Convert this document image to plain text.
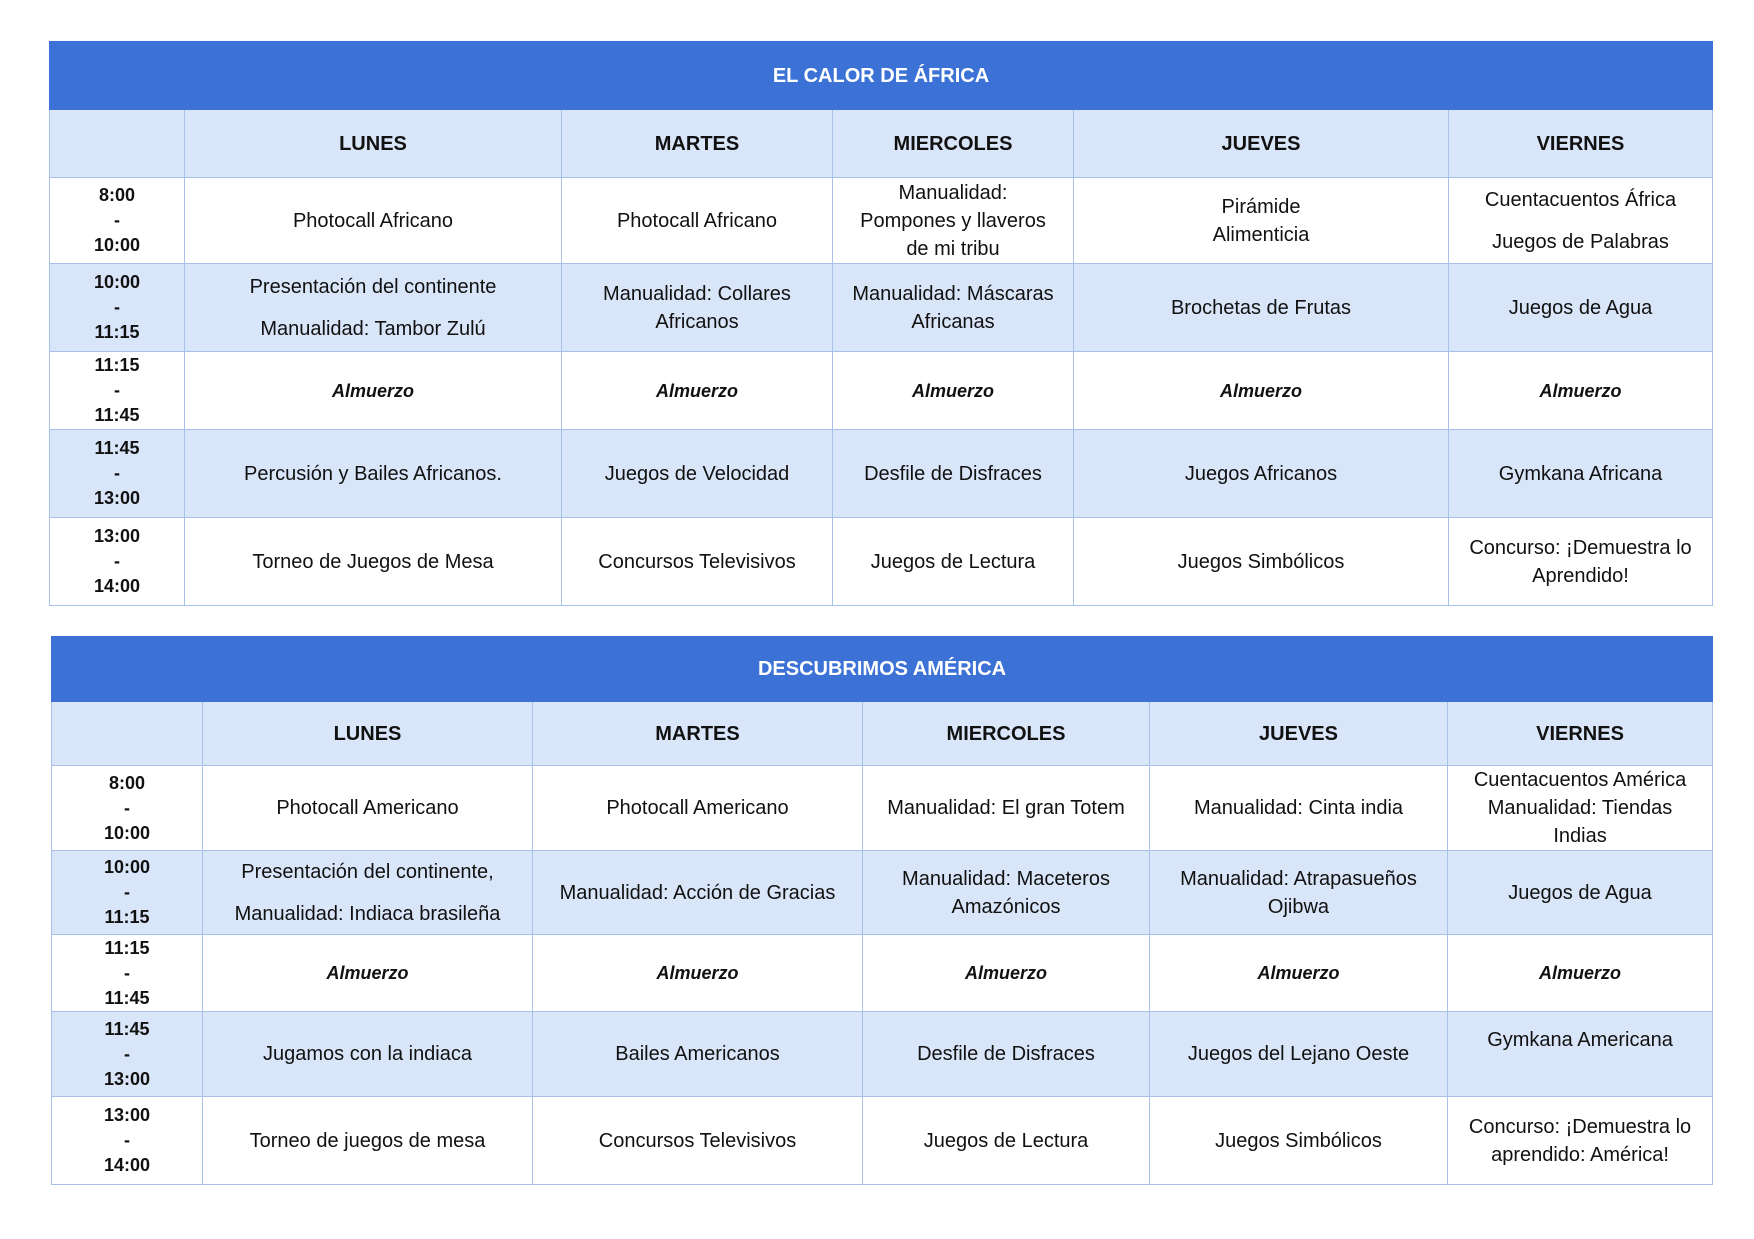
EL CALOR DE ÁFRICA					
	LUNES	MARTES	MIERCOLES	JUEVES	VIERNES

8:00
-
10:00	Photocall Africano	Photocall Africano	Manualidad:
Pompones y llaveros
de mi tribu	Pirámide
Alimenticia	Cuentacuentos África
Juegos de Palabras

10:00
-
11:15	Presentación del continente
Manualidad: Tambor Zulú	Manualidad: Collares
Africanos	Manualidad: Máscaras
Africanas	Brochetas de Frutas	Juegos de Agua

11:15
-
11:45	Almuerzo	Almuerzo	Almuerzo	Almuerzo	Almuerzo

11:45
-
13:00	Percusión y Bailes Africanos.	Juegos de Velocidad	Desfile de Disfraces	Juegos Africanos	Gymkana Africana

13:00
-
14:00	Torneo de Juegos de Mesa	Concursos Televisivos	Juegos de Lectura	Juegos Simbólicos	Concurso: ¡Demuestra lo
Aprendido!
DESCUBRIMOS AMÉRICA					
	LUNES	MARTES	MIERCOLES	JUEVES	VIERNES

8:00
-
10:00	Photocall Americano	Photocall Americano	Manualidad: El gran Totem	Manualidad: Cinta india	Cuentacuentos América
Manualidad: Tiendas
Indias

10:00
-
11:15	Presentación del continente,
Manualidad: Indiaca brasileña	Manualidad: Acción de Gracias	Manualidad: Maceteros
Amazónicos	Manualidad: Atrapasueños
Ojibwa	Juegos de Agua

11:15
-
11:45	Almuerzo	Almuerzo	Almuerzo	Almuerzo	Almuerzo

11:45
-
13:00	Jugamos con la indiaca	Bailes Americanos	Desfile de Disfraces	Juegos del Lejano Oeste	Gymkana Americana

13:00
-
14:00	Torneo de juegos de mesa	Concursos Televisivos	Juegos de Lectura	Juegos Simbólicos	Concurso: ¡Demuestra lo
aprendido: América!
